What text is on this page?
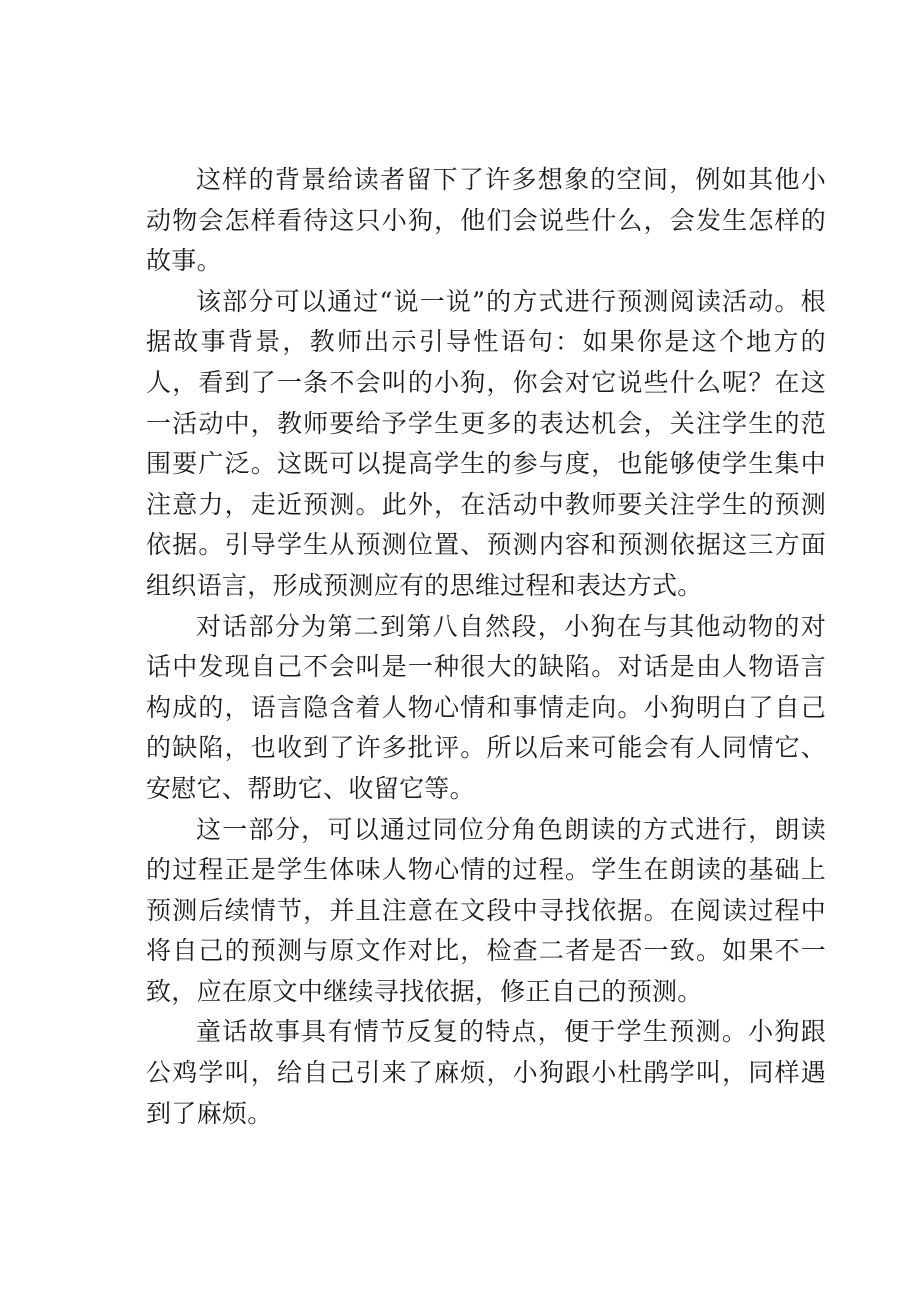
这样的背景给读者留下了许多想象的空间，例如其他小动物会怎样看待这只小狗，他们会说些什么，会发生怎样的故事。

该部分可以通过“说一说”的方式进行预测阅读活动。根据故事背景，教师出示引导性语句：如果你是这个地方的人，看到了一条不会叫的小狗，你会对它说些什么呢？在这一活动中，教师要给予学生更多的表达机会，关注学生的范围要广泛。这既可以提高学生的参与度，也能够使学生集中注意力，走近预测。此外，在活动中教师要关注学生的预测依据。引导学生从预测位置、预测内容和预测依据这三方面组织语言，形成预测应有的思维过程和表达方式。

对话部分为第二到第八自然段，小狗在与其他动物的对话中发现自己不会叫是一种很大的缺陷。对话是由人物语言构成的，语言隐含着人物心情和事情走向。小狗明白了自己的缺陷，也收到了许多批评。所以后来可能会有人同情它、安慰它、帮助它、收留它等。

这一部分，可以通过同位分角色朗读的方式进行，朗读的过程正是学生体味人物心情的过程。学生在朗读的基础上预测后续情节，并且注意在文段中寻找依据。在阅读过程中将自己的预测与原文作对比，检查二者是否一致。如果不一致，应在原文中继续寻找依据，修正自己的预测。

童话故事具有情节反复的特点，便于学生预测。小狗跟公鸡学叫，给自己引来了麻烦，小狗跟小杜鹃学叫，同样遇到了麻烦。
